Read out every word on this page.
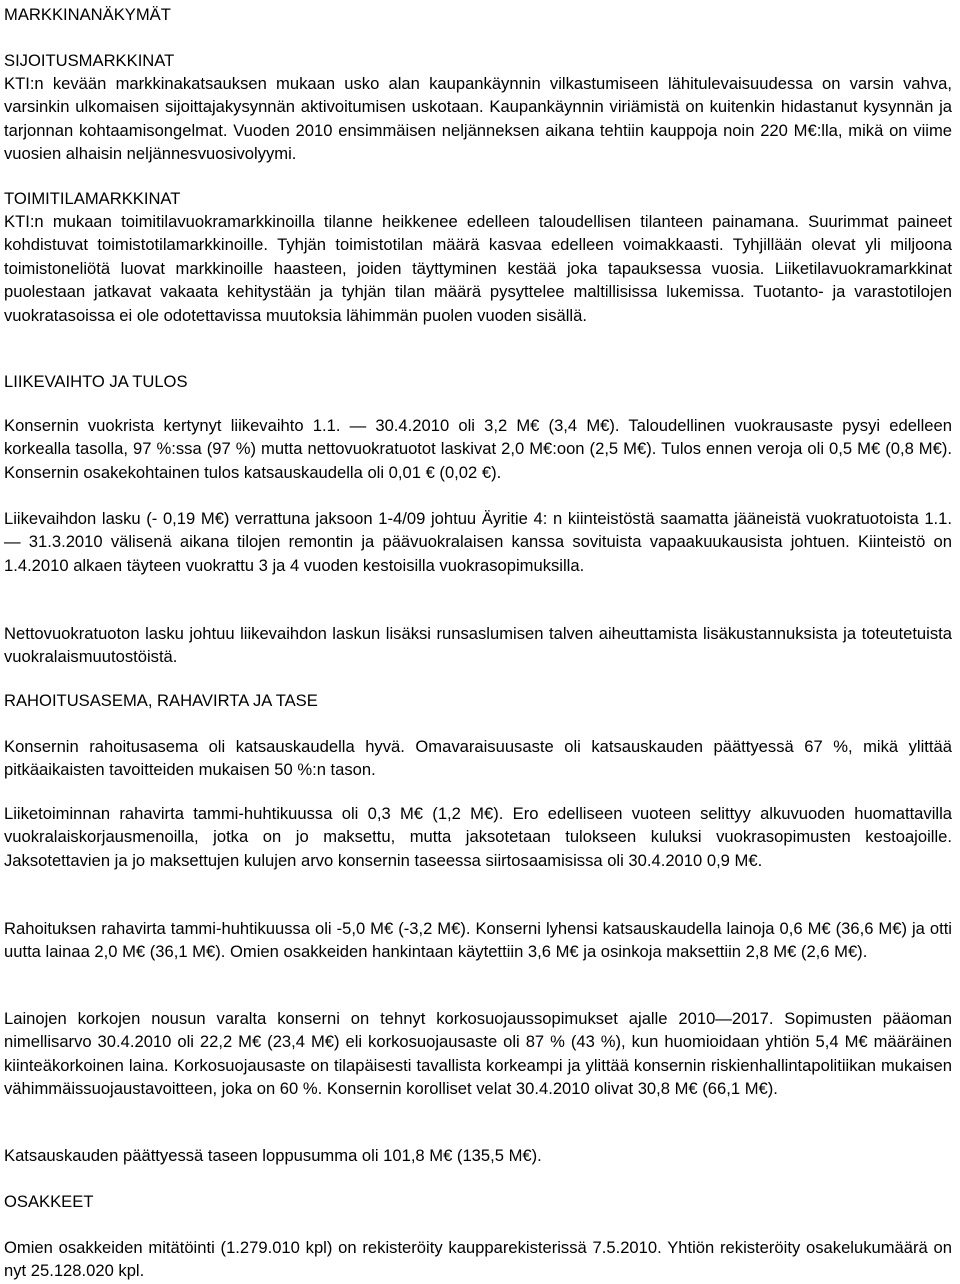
MARKKINANÄKYMÄT
SIJOITUSMARKKINAT
KTI:n kevään markkinakatsauksen mukaan usko alan kaupankäynnin vilkastumiseen lähitulevaisuudessa on varsin vahva, varsinkin ulkomaisen sijoittajakysynnän aktivoitumisen uskotaan. Kaupankäynnin viriämistä on kuitenkin hidastanut kysynnän ja tarjonnan kohtaamisongelmat. Vuoden 2010 ensimmäisen neljänneksen aikana tehtiin kauppoja noin 220 M€:lla, mikä on viime vuosien alhaisin neljännesvuosivolyymi.
TOIMITILAMARKKINAT
KTI:n mukaan toimitilavuokramarkkinoilla tilanne heikkenee edelleen taloudellisen tilanteen painamana. Suurimmat paineet kohdistuvat toimistotilamarkkinoille. Tyhjän toimistotilan määrä kasvaa edelleen voimakkaasti. Tyhjillään olevat yli miljoona toimistoneliötä luovat markkinoille haasteen, joiden täyttyminen kestää joka tapauksessa vuosia. Liiketilavuokramarkkinat puolestaan jatkavat vakaata kehitystään ja tyhjän tilan määrä pysyttelee maltillisissa lukemissa. Tuotanto- ja varastotilojen vuokratasoissa ei ole odotettavissa muutoksia lähimmän puolen vuoden sisällä.
LIIKEVAIHTO JA TULOS
Konsernin vuokrista kertynyt liikevaihto 1.1. — 30.4.2010 oli 3,2 M€ (3,4 M€). Taloudellinen vuokrausaste pysyi edelleen korkealla tasolla, 97 %:ssa (97 %) mutta nettovuokratuotot laskivat 2,0 M€:oon (2,5 M€). Tulos ennen veroja oli 0,5 M€ (0,8 M€). Konsernin osakekohtainen tulos katsauskaudella oli 0,01 € (0,02 €).
Liikevaihdon lasku (- 0,19 M€) verrattuna jaksoon 1-4/09 johtuu Äyritie 4: n kiinteistöstä saamatta jääneistä vuokratuotoista 1.1. — 31.3.2010 välisenä aikana tilojen remontin ja päävuokralaisen kanssa sovituista vapaakuukausista johtuen. Kiinteistö on 1.4.2010 alkaen täyteen vuokrattu 3 ja 4 vuoden kestoisilla vuokrasopimuksilla.
Nettovuokratuoton lasku johtuu liikevaihdon laskun lisäksi runsaslumisen talven aiheuttamista lisäkustannuksista ja toteutetuista vuokralaismuutostöistä.
RAHOITUSASEMA, RAHAVIRTA JA TASE
Konsernin rahoitusasema oli katsauskaudella hyvä. Omavaraisuusaste oli katsauskauden päättyessä 67 %, mikä ylittää pitkäaikaisten tavoitteiden mukaisen 50 %:n tason.
Liiketoiminnan rahavirta tammi-huhtikuussa oli 0,3 M€ (1,2 M€). Ero edelliseen vuoteen selittyy alkuvuoden huomattavilla vuokralaiskorjausmenoilla, jotka on jo maksettu, mutta jaksotetaan tulokseen kuluksi vuokrasopimusten kestoajoille. Jaksotettavien ja jo maksettujen kulujen arvo konsernin taseessa siirtosaamisissa oli 30.4.2010 0,9 M€.
Rahoituksen rahavirta tammi-huhtikuussa oli -5,0 M€ (-3,2 M€). Konserni lyhensi katsauskaudella lainoja 0,6 M€ (36,6 M€) ja otti uutta lainaa 2,0 M€ (36,1 M€). Omien osakkeiden hankintaan käytettiin 3,6 M€ ja osinkoja maksettiin 2,8 M€ (2,6 M€).
Lainojen korkojen nousun varalta konserni on tehnyt korkosuojaussopimukset ajalle 2010—2017. Sopimusten pääoman nimellisarvo 30.4.2010 oli 22,2 M€ (23,4 M€) eli korkosuojausaste oli 87 % (43 %), kun huomioidaan yhtiön 5,4 M€ määräinen kiinteäkorkoinen laina. Korkosuojausaste on tilapäisesti tavallista korkeampi ja ylittää konsernin riskienhallintapolitiikan mukaisen vähimmäissuojaustavoitteen, joka on 60 %. Konsernin korolliset velat 30.4.2010 olivat 30,8 M€ (66,1 M€).
Katsauskauden päättyessä taseen loppusumma oli 101,8 M€ (135,5 M€).
OSAKKEET
Omien osakkeiden mitätöinti (1.279.010 kpl) on rekisteröity kaupparekisterissä 7.5.2010. Yhtiön rekisteröity osakelukumäärä on nyt 25.128.020 kpl.
